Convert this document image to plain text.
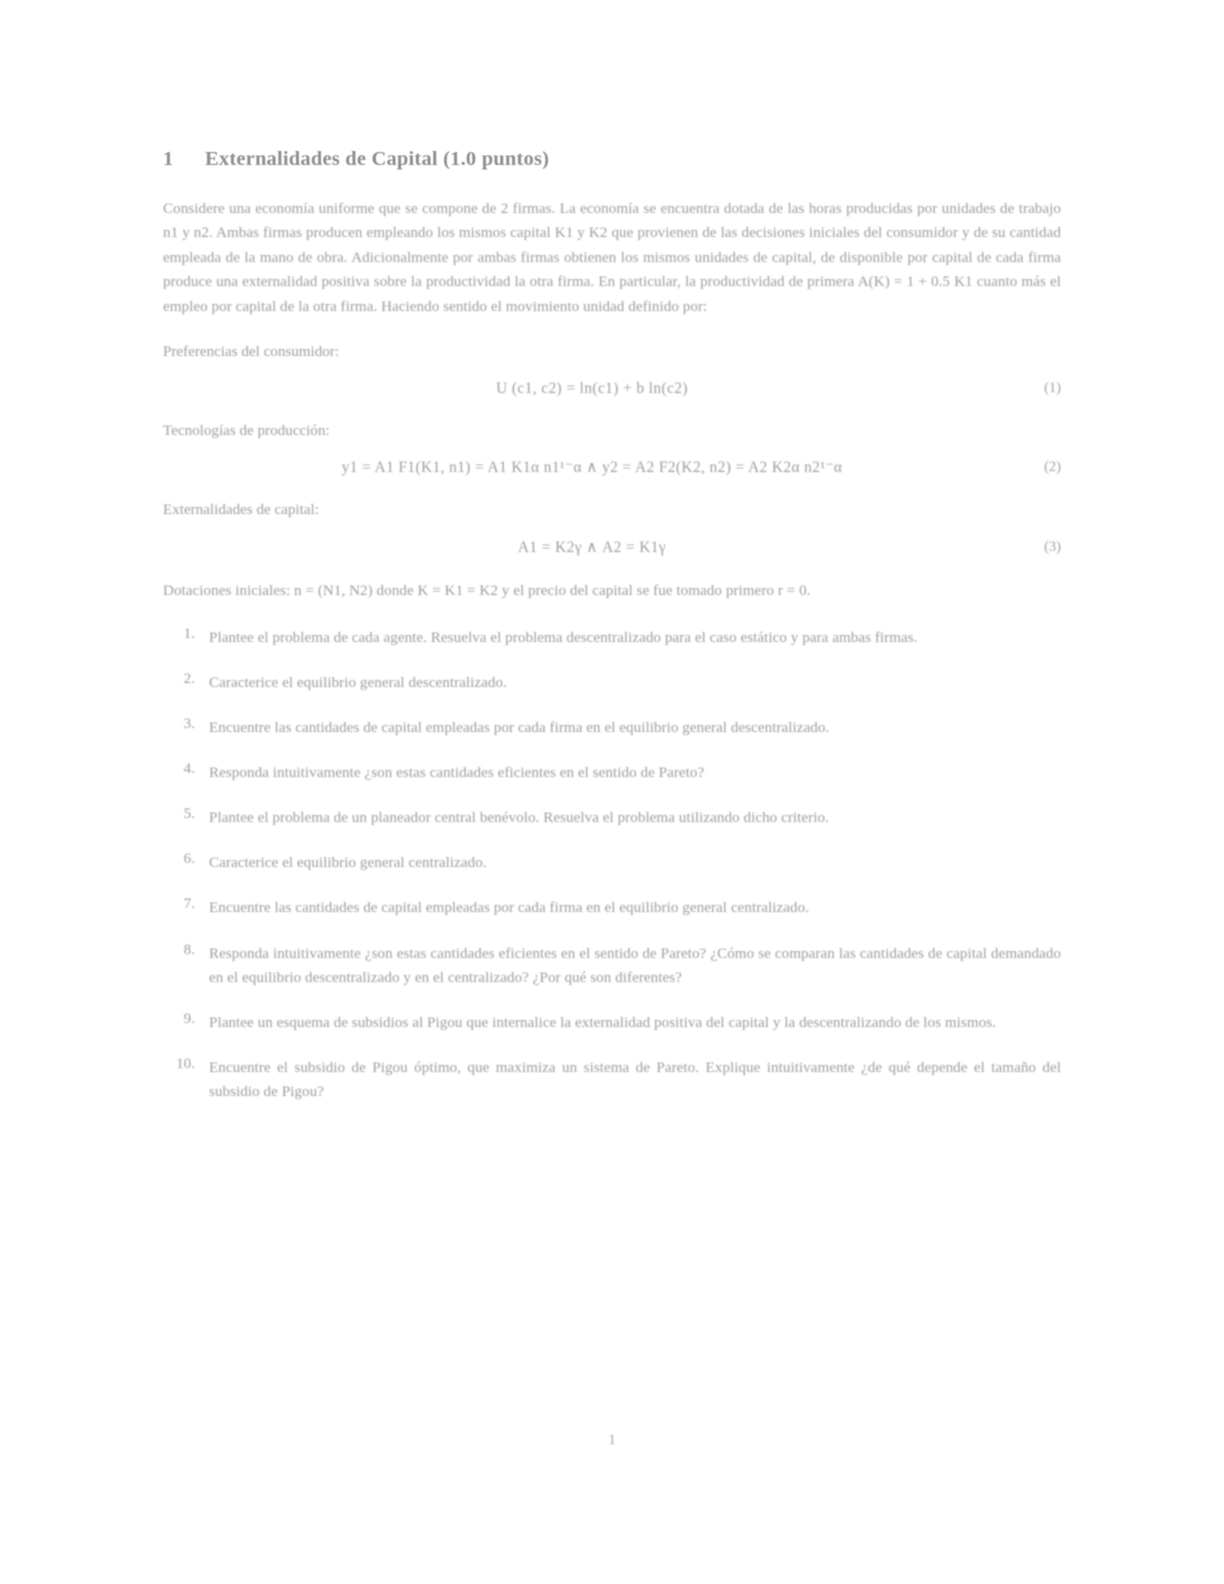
1	Externalidades de Capital (1.0 puntos)

Considere una economía uniforme que se compone de 2 firmas. La economía se encuentra dotada de las horas producidas por unidades de trabajo n1 y n2. Ambas firmas producen empleando los mismos capital K1 y K2 que provienen de las decisiones iniciales del consumidor y de su cantidad empleada de la mano de obra. Adicionalmente por ambas firmas obtienen los mismos unidades de capital, de disponible por capital de cada firma produce una externalidad positiva sobre la productividad la otra firma. En particular, la productividad de primera A(K) = 1 + 0.5 K1 cuanto más el empleo por capital de la otra firma. Haciendo sentido el movimiento unidad definido por:

Preferencias del consumidor:

U (c1, c2) = ln(c1) + b ln(c2)	(1)

Tecnologías de producción:

y1 = A1 F1(K1, n1) = A1 K1α n1¹⁻α ∧ y2 = A2 F2(K2, n2) = A2 K2α n2¹⁻α	(2)

Externalidades de capital:

A1 = K2γ ∧ A2 = K1γ	(3)

Dotaciones iniciales: n = (N1, N2) donde K = K1 = K2 y el precio del capital se fue tomado primero r = 0.

1. Plantee el problema de cada agente. Resuelva el problema descentralizado para el caso estático y para ambas firmas.
2. Caracterice el equilibrio general descentralizado.
3. Encuentre las cantidades de capital empleadas por cada firma en el equilibrio general descentralizado.
4. Responda intuitivamente ¿son estas cantidades eficientes en el sentido de Pareto?
5. Plantee el problema de un planeador central benévolo. Resuelva el problema utilizando dicho criterio.
6. Caracterice el equilibrio general centralizado.
7. Encuentre las cantidades de capital empleadas por cada firma en el equilibrio general centralizado.
8. Responda intuitivamente ¿son estas cantidades eficientes en el sentido de Pareto? ¿Cómo se comparan las cantidades de capital demandado en el equilibrio descentralizado y en el centralizado? ¿Por qué son diferentes?
9. Plantee un esquema de subsidios al Pigou que internalice la externalidad positiva del capital y la descentralizando de los mismos.
10. Encuentre el subsidio de Pigou óptimo, que maximiza un sistema de Pareto. Explique intuitivamente ¿de qué depende el tamaño del subsidio de Pigou?
1
